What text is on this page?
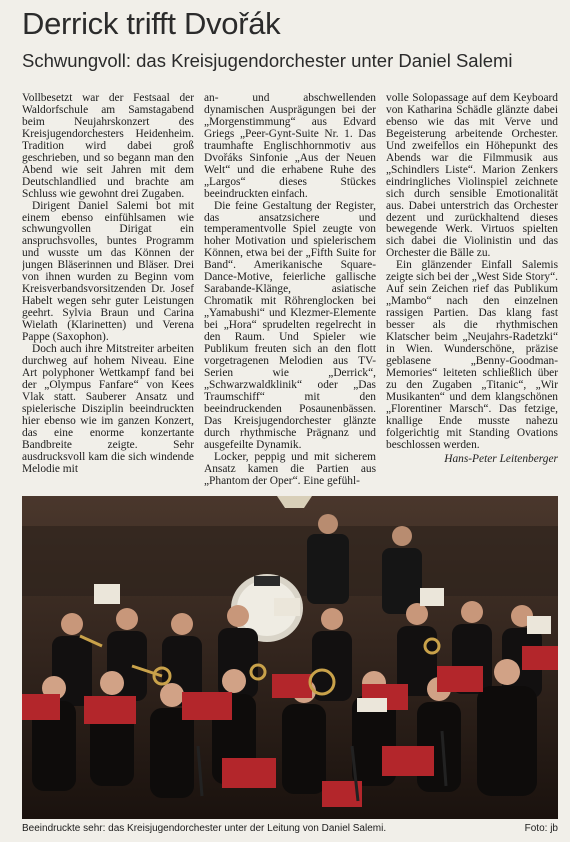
Derrick trifft Dvořák
Schwungvoll: das Kreisjugendorchester unter Daniel Salemi

Vollbesetzt war der Festsaal der Waldorfschule am Samstagabend beim Neujahrskonzert des Kreisjugendorchesters Heidenheim. Tradition wird dabei groß geschrieben, und so begann man den Abend wie seit Jahren mit dem Deutschlandlied und brachte am Schluss wie gewohnt drei Zugaben.

Dirigent Daniel Salemi bot mit einem ebenso einfühlsamen wie schwungvollen Dirigat ein anspruchsvolles, buntes Programm und wusste um das Können der jungen Bläserinnen und Bläser. Drei von ihnen wurden zu Beginn vom Kreisverbandsvorsitzenden Dr. Josef Habelt wegen sehr guter Leistungen geehrt. Sylvia Braun und Carina Wielath (Klarinetten) und Verena Pappe (Saxophon).

Doch auch ihre Mitstreiter arbeiten durchweg auf hohem Niveau. Eine Art polyphoner Wettkampf fand bei der „Olympus Fanfare“ von Kees Vlak statt. Sauberer Ansatz und spielerische Disziplin beeindruckten hier ebenso wie im ganzen Konzert, das eine enorme konzertante Bandbreite zeigte. Sehr ausdrucksvoll kam die sich windende Melodie mit

an- und abschwellenden dynamischen Ausprägungen bei der „Morgenstimmung“ aus Edvard Griegs „Peer-Gynt-Suite Nr. 1. Das traumhafte Englischhornmotiv aus Dvořáks Sinfonie „Aus der Neuen Welt“ und die erhabene Ruhe des „Largos“ dieses Stückes beeindruckten einfach.

Die feine Gestaltung der Register, das ansatzsichere und temperamentvolle Spiel zeugte von hoher Motivation und spielerischem Können, etwa bei der „Fifth Suite for Band“. Amerikanische Square-Dance-Motive, feierliche gallische Sarabande-Klänge, asiatische Chromatik mit Röhrenglocken bei „Yamabushi“ und Klezmer-Elemente bei „Hora“ sprudelten regelrecht in den Raum. Und Spieler wie Publikum freuten sich an den flott vorgetragenen Melodien aus TV-Serien wie „Derrick“, „Schwarzwaldklinik“ oder „Das Traumschiff“ mit den beeindruckenden Posaunenbässen. Das Kreisjugendorchester glänzte durch rhythmische Prägnanz und ausgefeilte Dynamik.

Locker, peppig und mit sicherem Ansatz kamen die Partien aus „Phantom der Oper“. Eine gefühl-

volle Solopassage auf dem Keyboard von Katharina Schädle glänzte dabei ebenso wie das mit Verve und Begeisterung arbeitende Orchester. Und zweifellos ein Höhepunkt des Abends war die Filmmusik aus „Schindlers Liste“. Marion Zenkers eindringliches Violinspiel zeichnete sich durch sensible Emotionalität aus. Dabei unterstrich das Orchester dezent und zurückhaltend dieses bewegende Werk. Virtuos spielten sich dabei die Violinistin und das Orchester die Bälle zu.

Ein glänzender Einfall Salemis zeigte sich bei der „West Side Story“. Auf sein Zeichen rief das Publikum „Mambo“ nach den einzelnen rassigen Partien. Das klang fast besser als die rhythmischen Klatscher beim „Neujahrs-Radetzki“ in Wien. Wunderschöne, präzise geblasene „Benny-Goodman-Memories“ leiteten schließlich über zu den Zugaben „Titanic“, „Wir Musikanten“ und dem klangschönen „Florentiner Marsch“. Das fetzige, knallige Ende musste nahezu folgerichtig mit Standing Ovations beschlossen werden.

Hans-Peter Leitenberger
Beeindruckte sehr: das Kreisjugendorchester unter der Leitung von Daniel Salemi.	Foto: jb
